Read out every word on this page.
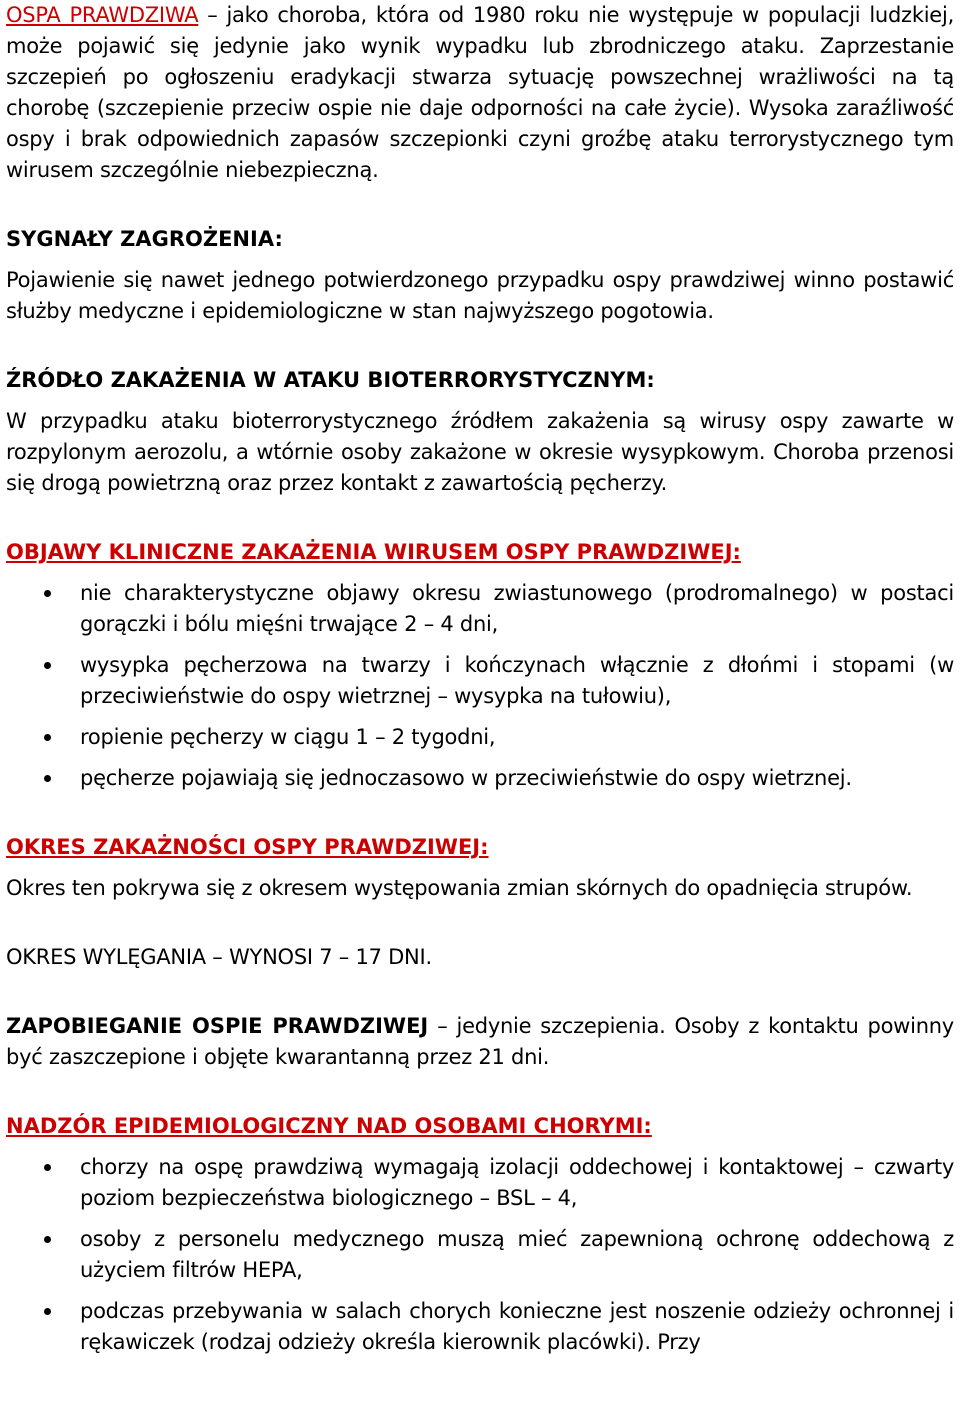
OSPA PRAWDZIWA – jako choroba, która od 1980 roku nie występuje w populacji ludzkiej, może pojawić się jedynie jako wynik wypadku lub zbrodniczego ataku. Zaprzestanie szczepień po ogłoszeniu eradykacji stwarza sytuację powszechnej wrażliwości na tą chorobę (szczepienie przeciw ospie nie daje odporności na całe życie). Wysoka zaraźliwość ospy i brak odpowiednich zapasów szczepionki czyni groźbę ataku terrorystycznego tym wirusem szczególnie niebezpieczną.

SYGNAŁY ZAGROŻENIA:

Pojawienie się nawet jednego potwierdzonego przypadku ospy prawdziwej winno postawić służby medyczne i epidemiologiczne w stan najwyższego pogotowia.

ŹRÓDŁO ZAKAŻENIA W ATAKU BIOTERRORYSTYCZNYM:

W przypadku ataku bioterrorystycznego źródłem zakażenia są wirusy ospy zawarte w rozpylonym aerozolu, a wtórnie osoby zakażone w okresie wysypkowym. Choroba przenosi się drogą powietrzną oraz przez kontakt z zawartością pęcherzy.

OBJAWY KLINICZNE ZAKAŻENIA WIRUSEM OSPY PRAWDZIWEJ:
nie charakterystyczne objawy okresu zwiastunowego (prodromalnego) w postaci gorączki i bólu mięśni trwające 2 – 4 dni,
wysypka pęcherzowa na twarzy i kończynach włącznie z dłońmi i stopami (w przeciwieństwie do ospy wietrznej – wysypka na tułowiu),
ropienie pęcherzy w ciągu 1 – 2 tygodni,
pęcherze pojawiają się jednoczasowo w przeciwieństwie do ospy wietrznej.
OKRES ZAKAŻNOŚCI OSPY PRAWDZIWEJ:

Okres ten pokrywa się z okresem występowania zmian skórnych do opadnięcia strupów.

OKRES WYLĘGANIA – WYNOSI 7 – 17 DNI.

ZAPOBIEGANIE OSPIE PRAWDZIWEJ – jedynie szczepienia. Osoby z kontaktu powinny być zaszczepione i objęte kwarantanną przez 21 dni.

NADZÓR EPIDEMIOLOGICZNY NAD OSOBAMI CHORYMI:
chorzy na ospę prawdziwą wymagają izolacji oddechowej i kontaktowej – czwarty poziom bezpieczeństwa biologicznego – BSL – 4,
osoby z personelu medycznego muszą mieć zapewnioną ochronę oddechową z użyciem filtrów HEPA,
podczas przebywania w salach chorych konieczne jest noszenie odzieży ochronnej i rękawiczek (rodzaj odzieży określa kierownik placówki). Przy
